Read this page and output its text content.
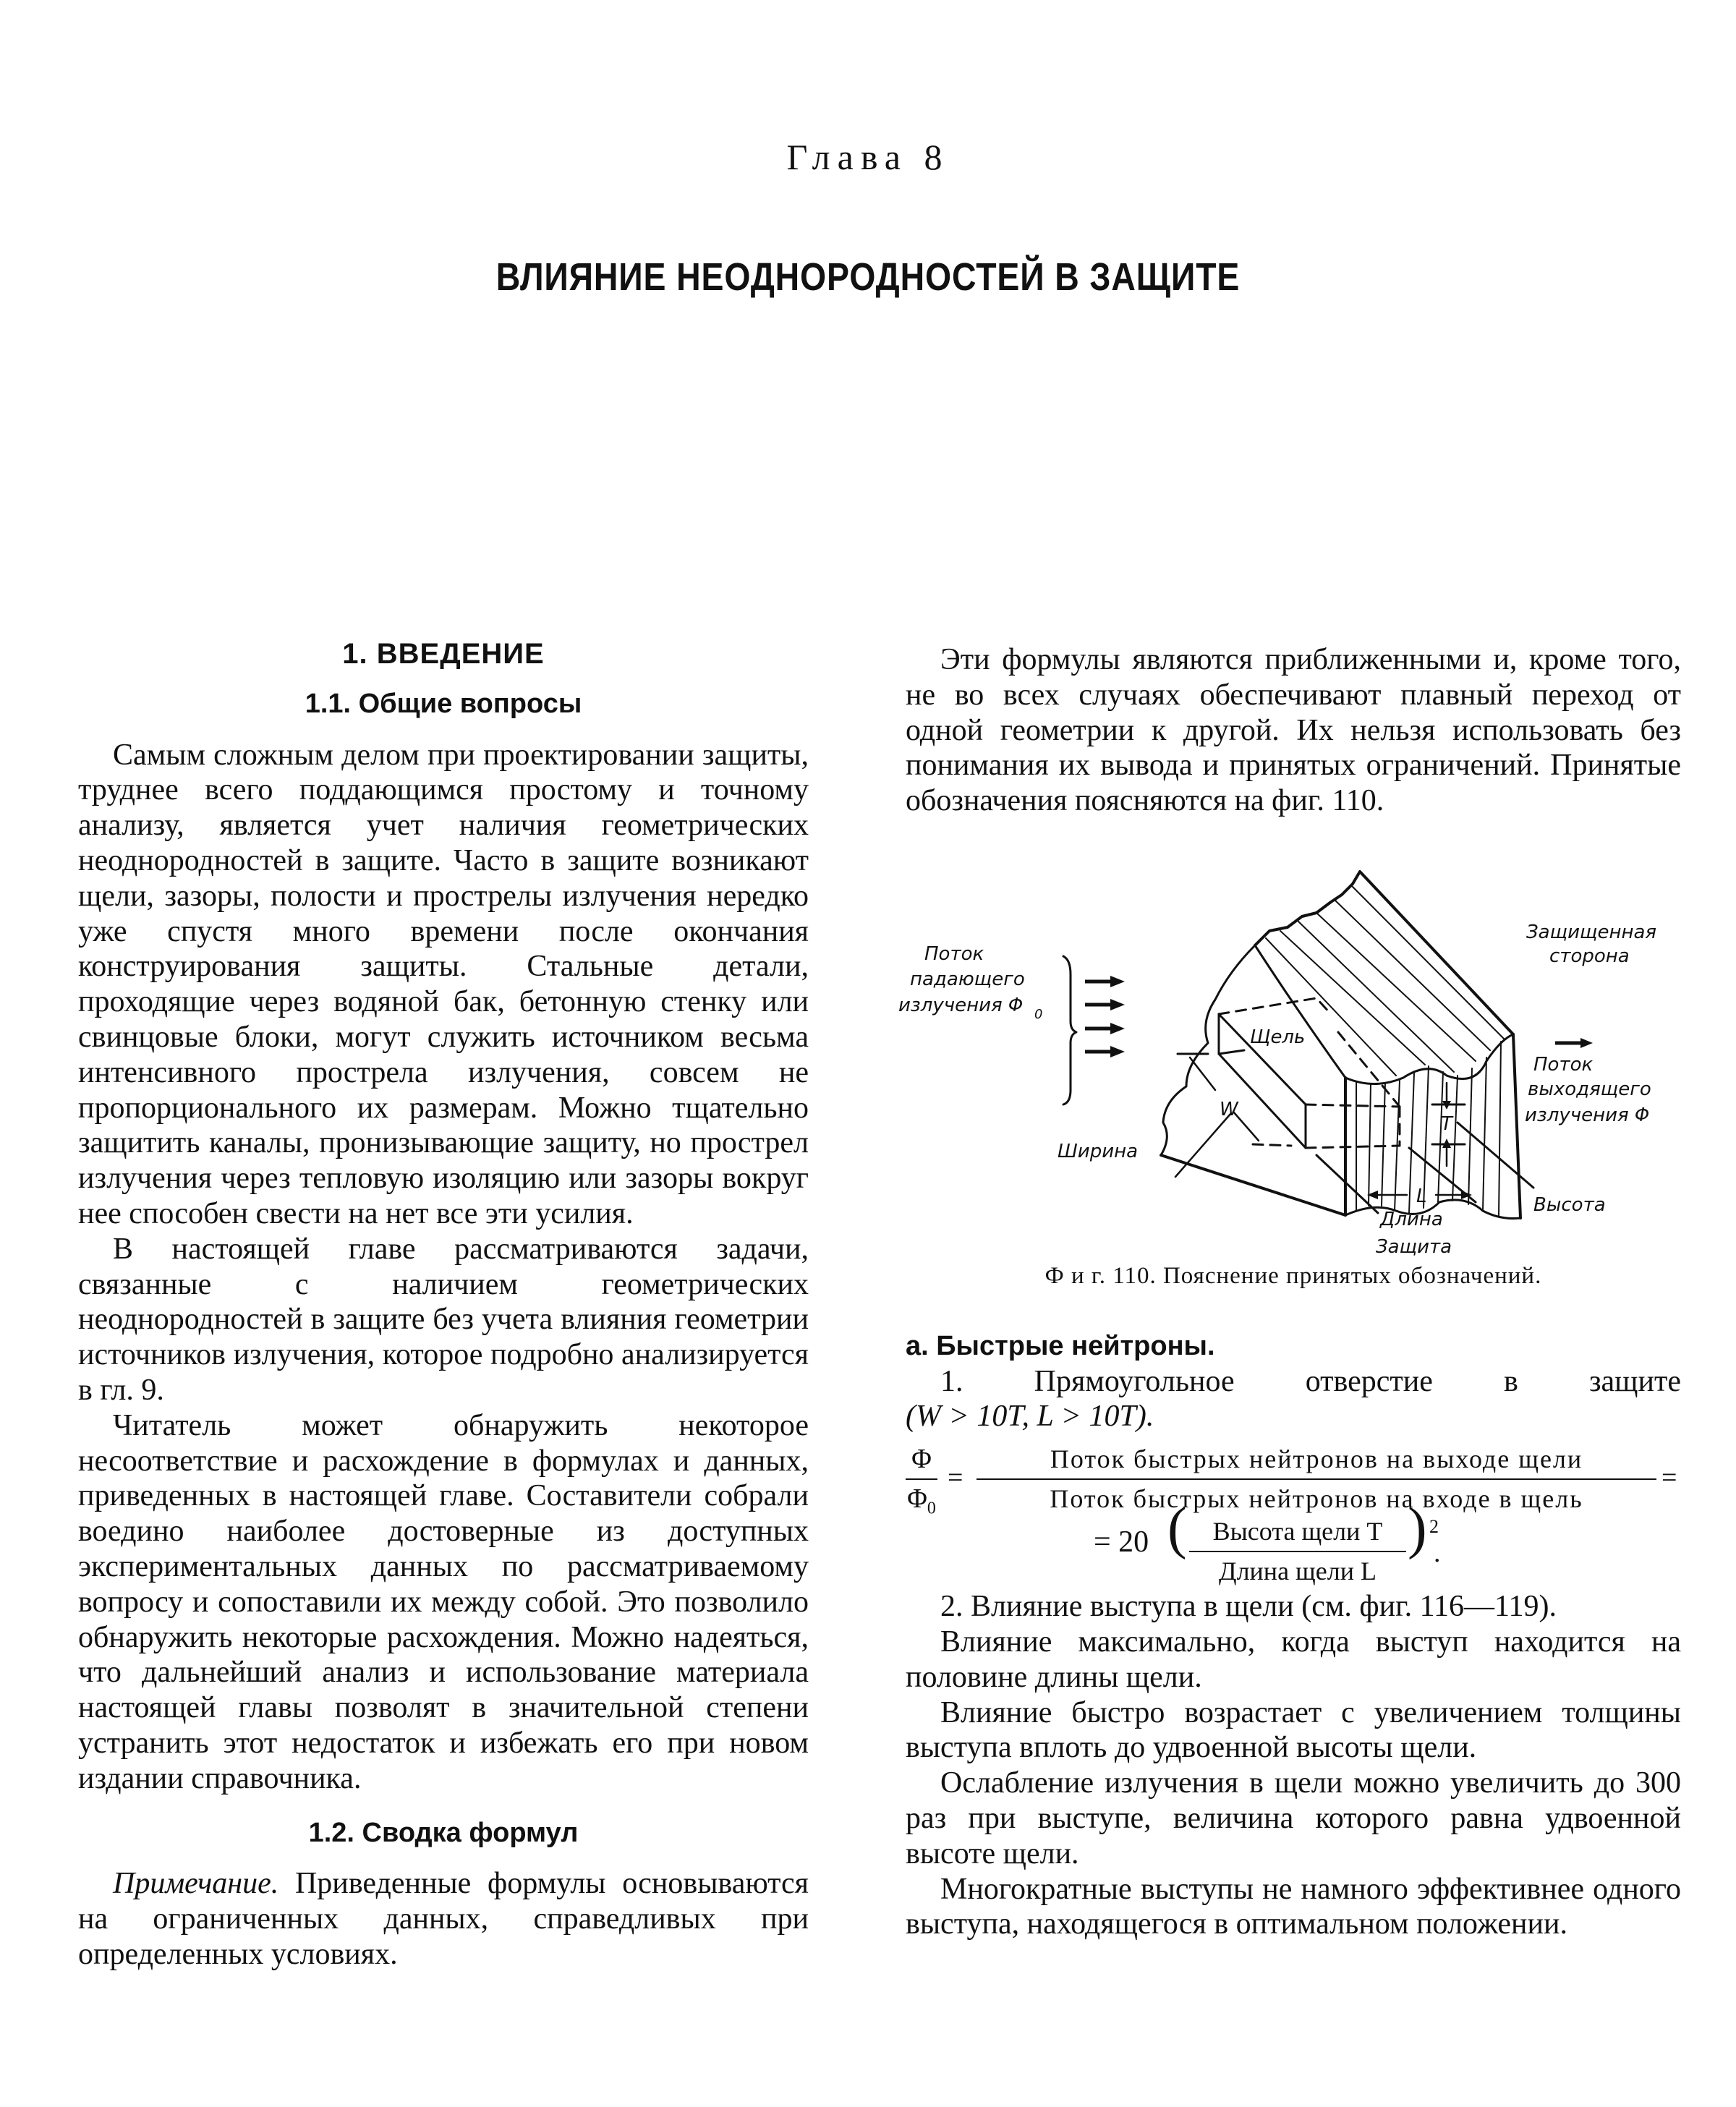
Глава 8
ВЛИЯНИЕ НЕОДНОРОДНОСТЕЙ В ЗАЩИТЕ
1. ВВЕДЕНИЕ
1.1. Общие вопросы

Самым сложным делом при проектировании защиты, труднее всего поддающимся простому и точному анализу, является учет наличия геометрических неоднородностей в защите. Часто в защите возникают щели, зазоры, полости и прострелы излучения нередко уже спустя много времени после окончания конструирования защиты. Стальные детали, проходящие через водяной бак, бетонную стенку или свинцовые блоки, могут служить источником весьма интенсивного прострела излучения, совсем не пропорционального их размерам. Можно тщательно защитить каналы, пронизывающие защиту, но прострел излучения через тепловую изоляцию или зазоры вокруг нее способен свести на нет все эти усилия.

В настоящей главе рассматриваются задачи, связанные с наличием геометрических неоднородностей в защите без учета влияния геометрии источников излучения, которое подробно анализируется в гл. 9.

Читатель может обнаружить некоторое несоответствие и расхождение в формулах и данных, приведенных в настоящей главе. Составители собрали воедино наиболее достоверные из доступных экспериментальных данных по рассматриваемому вопросу и сопоставили их между собой. Это позволило обнаружить некоторые расхождения. Можно надеяться, что дальнейший анализ и использование материала настоящей главы позволят в значительной степени устранить этот недостаток и избежать его при новом издании справочника.

1.2. Сводка формул

Примечание. Приведенные формулы основываются на ограниченных данных, справедливых при определенных условиях.

Эти формулы являются приближенными и, кроме того, не во всех случаях обеспечивают плавный переход от одной геометрии к другой. Их нельзя использовать без понимания их вывода и принятых ограничений. Принятые обозначения поясняются на фиг. 110.

Поток
падающего
излучения Φ 0
Защищенная
сторона
Поток
выходящего
излучения Φ
Щель
W
Ширина
T
Высота
L
Длина
Защита
Ф и г. 110. Пояснение принятых обозначений.

а. Быстрые нейтроны.

1. Прямоугольное отверстие в защите

(W > 10T, L > 10T).

Φ
$\Phi_0$
=
Поток быстрых нейтронов на выходе щели
Поток быстрых нейтронов на входе в щель
=
= 20 ( Высота щели T
Длина щели L
) 2
.

2. Влияние выступа в щели (см. фиг. 116—119).

Влияние максимально, когда выступ находится на половине длины щели.

Влияние быстро возрастает с увеличением толщины выступа вплоть до удвоенной высоты щели.

Ослабление излучения в щели можно увеличить до 300 раз при выступе, величина которого равна удвоенной высоте щели.

Многократные выступы не намного эффективнее одного выступа, находящегося в оптимальном положении.
